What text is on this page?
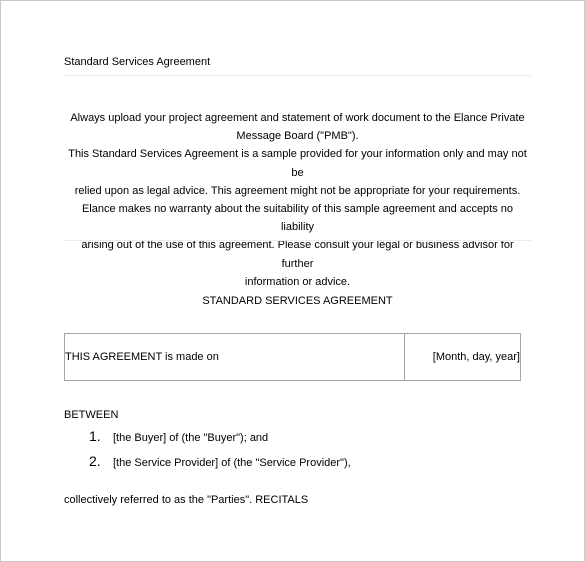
Standard Services Agreement
Always upload your project agreement and statement of work document to the Elance Private
Message Board ("PMB").
This Standard Services Agreement is a sample provided for your information only and may not be
relied upon as legal advice. This agreement might not be appropriate for your requirements.
Elance makes no warranty about the suitability of this sample agreement and accepts no liability
arising out of the use of this agreement. Please consult your legal or business advisor for further
information or advice.
STANDARD SERVICES AGREEMENT
THIS AGREEMENT is made on	[Month, day, year]
BETWEEN
1.	[the Buyer] of (the "Buyer"); and
2.	[the Service Provider] of (the "Service Provider"),
collectively referred to as the "Parties". RECITALS
